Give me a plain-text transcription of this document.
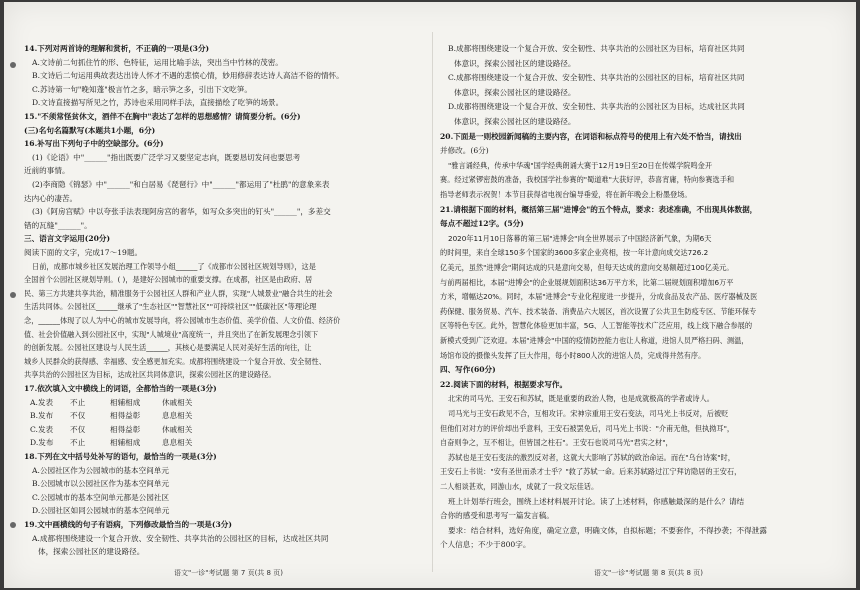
14.下列对两首诗的理解和赏析，不正确的一项是(3分)
A.文诗前二句抓住竹的形、色特征，运用比喻手法，突出当中竹林的茂密。
B.文诗后二句运用典故表达出诗人怀才不遇的悲愤心情，妙用修辞表达诗人高洁不俗的情怀。
C.苏诗第一句"晚知蓬"极言竹之多，暗示笋之多，引出下文吃笋。
D.文诗直接描写所见之竹，苏诗也采用同样手法，直接描绘了吃笋的场景。
15."不须常怪贫休文，酒伴不在胸中"表达了怎样的思想感情？请简要分析。(6分)
(三)名句名篇默写(本题共1小题，6分)
16.补写出下列句子中的空缺部分。(6分)
(1)《论语》中"______"指出既要广泛学习又要坚定志向，既要恳切发问也要思考
近前的事情。
(2)李商隐《锦瑟》中"______"和白居易《琵琶行》中"______"都运用了"杜鹃"的意象来表
达内心的凄苦。
(3)《阿房宫赋》中以夸张手法表现阿房宫的奢华，如写众多突出的钉头"______"，多差交
错的瓦缝"______"。
三、语言文字运用(20分)
阅读下面的文字，完成17～19题。
日前，成都市城乡社区发展治理工作领导小组______了《成都市公园社区规划导则》，这是
全国首个公园社区规划导则。( )，是建好公园城市的重要支撑。在成都，社区是由政府、居
民、第三方共建共享共治，精准服务于公园社区人群和产业人群，实现"人城景业"融合共生的社会
生活共同体。公园社区______继承了"生态社区""智慧社区""可持续社区""低碳社区"等理论理
念，______体现了以人为中心的城市发展导向，将公园城市生态价值、美学价值、人文价值、经济价
值、社会价值融入到公园社区中，实现"人城境业"高度统一，并且突出了在新发展理念引领下
的创新发展。公园社区建设与人民生活______，其核心是要满足人民对美好生活的向往，让
城乡人民群众的获得感、幸福感、安全感更加充实。成都将围绕建设一个复合开放、安全韧性、
共享共治的公园社区为目标，达成社区共同体意识，探索公园社区的建设路径。
17.依次填入文中横线上的词语，全都恰当的一项是(3分)
A.发表 不止	相辅相成	休戚相关
B.发布 不仅	相得益彰	息息相关
C.发表 不仅	相得益彰	休戚相关
D.发布 不止	相辅相成	息息相关
18.下列在文中括号处补写的语句，最恰当的一项是(3分)
A.公园社区作为公园城市的基本空间单元
B.公园城市以公园社区作为基本空间单元
C.公园城市的基本空间单元都是公园社区
D.公园社区如同公园城市的基本空间单元
19.文中画横线的句子有语病，下列修改最恰当的一项是(3分)
A.成都将围绕建设一个复合开放、安全韧性、共享共治的公园社区的目标，达成社区共同
体，探索公园社区的建设路径。
B.成都将围绕建设一个复合开放、安全韧性、共享共治的公园社区为目标，培育社区共同
体意识，探索公园社区的建设路径。
C.成都将围绕建设一个复合开放、安全韧性、共享共治的公园社区的目标，培育社区共同
体意识，探索公园社区的建设路径。
D.成都将围绕建设一个复合开放、安全韧性、共享共治的公园社区为目标，达成社区共同
体意识，探索公园社区的建设路径。
20.下面是一则校园新闻稿的主要内容，在词语和标点符号的使用上有六处不恰当，请找出
并修改。(6分)
"雅言诵经典，传承中华魂"国学经典朗诵大赛于12月19日至20日在传媒学院鸣金开
赛。经过紧锣密鼓的准备，我校国学社参赛的"蜀道难"大获好评，恭喜宵庸，特向参赛选手和
指导老师表示祝贺！本节目获得省电视台编导垂爱，将在新年晚会上粉墨登场。
21.请根据下面的材料，概括第三届"进博会"的五个特点，要求：表述准确，不出现具体数据，
每点不超过12字。(5分)
2020年11月10日落幕的第三届"进博会"向全世界展示了中国经济新气象，为期6天
的时间里，来自全球150多个国家的3600多家企业亮相，按一年计意向成交达726.2
亿美元，虽然"进博会"期间达成的只是意向交易，但每天达成的意向交易额超过100亿美元。
与前两届相比，本届"进博会"的企业展规划面积达36万平方米，比第二届规划面积增加6万平
方米，增幅达20%。同时，本届"进博会"专业化程度进一步提升，分成食品及农产品、医疗器械及医
药保健、服务贸易、汽车、技术装备、消费品六大展区，首次设置了公共卫生防疫专区、节能环保专
区等特色专区。此外，智慧化体验更加丰富，5G、人工智能等技术广泛应用，线上线下融合参展的
新模式受到广泛欢迎。本届"进博会"中国的疫情防控能力也让人称道，进馆人员严格扫码、测温，
场馆布设的摄像头发挥了巨大作用，每小时800人次的进馆人员，完成得井然有序。
四、写作(60分)
22.阅读下面的材料，根据要求写作。
北宋的司马光、王安石和苏轼，既是重要的政治人物，也是成就极高的学者或诗人。
司马光与王安石政见不合，互相攻讦。宋神宗重用王安石变法，司马光上书反对，后被贬
但他们对对方的评价却出乎意料，王安石被罢免后，司马光上书说："介甫无他，但执拗耳"，
自奋则争之，互不相让，但皆国之柱石"。王安石也说司马光"君实之材"，
苏轼也是王安石变法的激烈反对者，这就大大影响了苏轼的政治命运。而在"乌台诗案"时，
王安石上书说："安有圣世而杀才士乎？"救了苏轼一命。后来苏轼路过江宁拜访隐居的王安石，
二人相谈甚欢，同游山水，成就了一段文坛佳话。
班上计划举行班会，围绕上述材料展开讨论。读了上述材料，你感触最深的是什么？请结
合你的感受和思考写一篇发言稿。
要求：结合材料，选好角度，确定立意，明确文体，自拟标题；不要套作，不得抄袭；不得泄露
个人信息；不少于800字。
语文"一诊"考试题 第 7 页(共 8 页)	语文"一诊"考试题 第 8 页(共 8 页)
